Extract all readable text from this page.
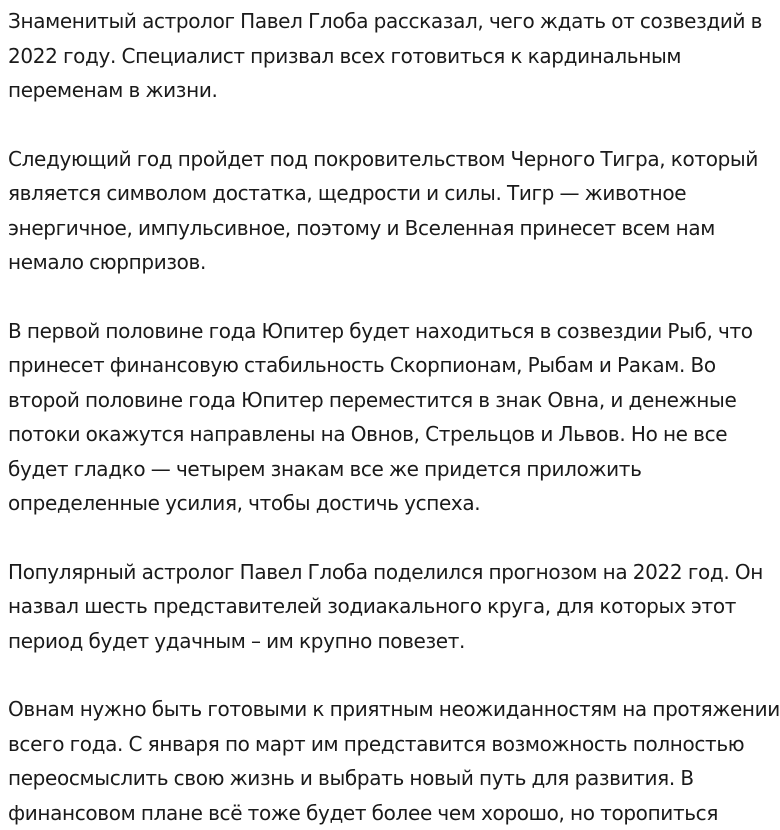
Знаменитый астролог Павел Глоба рассказал, чего ждать от созвездий в
2022 году. Специалист призвал всех готовиться к кардинальным
переменам в жизни.

Следующий год пройдет под покровительством Черного Тигра, который
является символом достатка, щедрости и силы. Тигр — животное
энергичное, импульсивное, поэтому и Вселенная принесет всем нам
немало сюрпризов.

В первой половине года Юпитер будет находиться в созвездии Рыб, что
принесет финансовую стабильность Скорпионам, Рыбам и Ракам. Во
второй половине года Юпитер переместится в знак Овна, и денежные
потоки окажутся направлены на Овнов, Стрельцов и Львов. Но не все
будет гладко — четырем знакам все же придется приложить
определенные усилия, чтобы достичь успеха.

Популярный астролог Павел Глоба поделился прогнозом на 2022 год. Он
назвал шесть представителей зодиакального круга, для которых этот
период будет удачным – им крупно повезет.

Овнам нужно быть готовыми к приятным неожиданностям на протяжении
всего года. С января по март им представится возможность полностью
переосмыслить свою жизнь и выбрать новый путь для развития. В
финансовом плане всё тоже будет более чем хорошо, но торопиться
